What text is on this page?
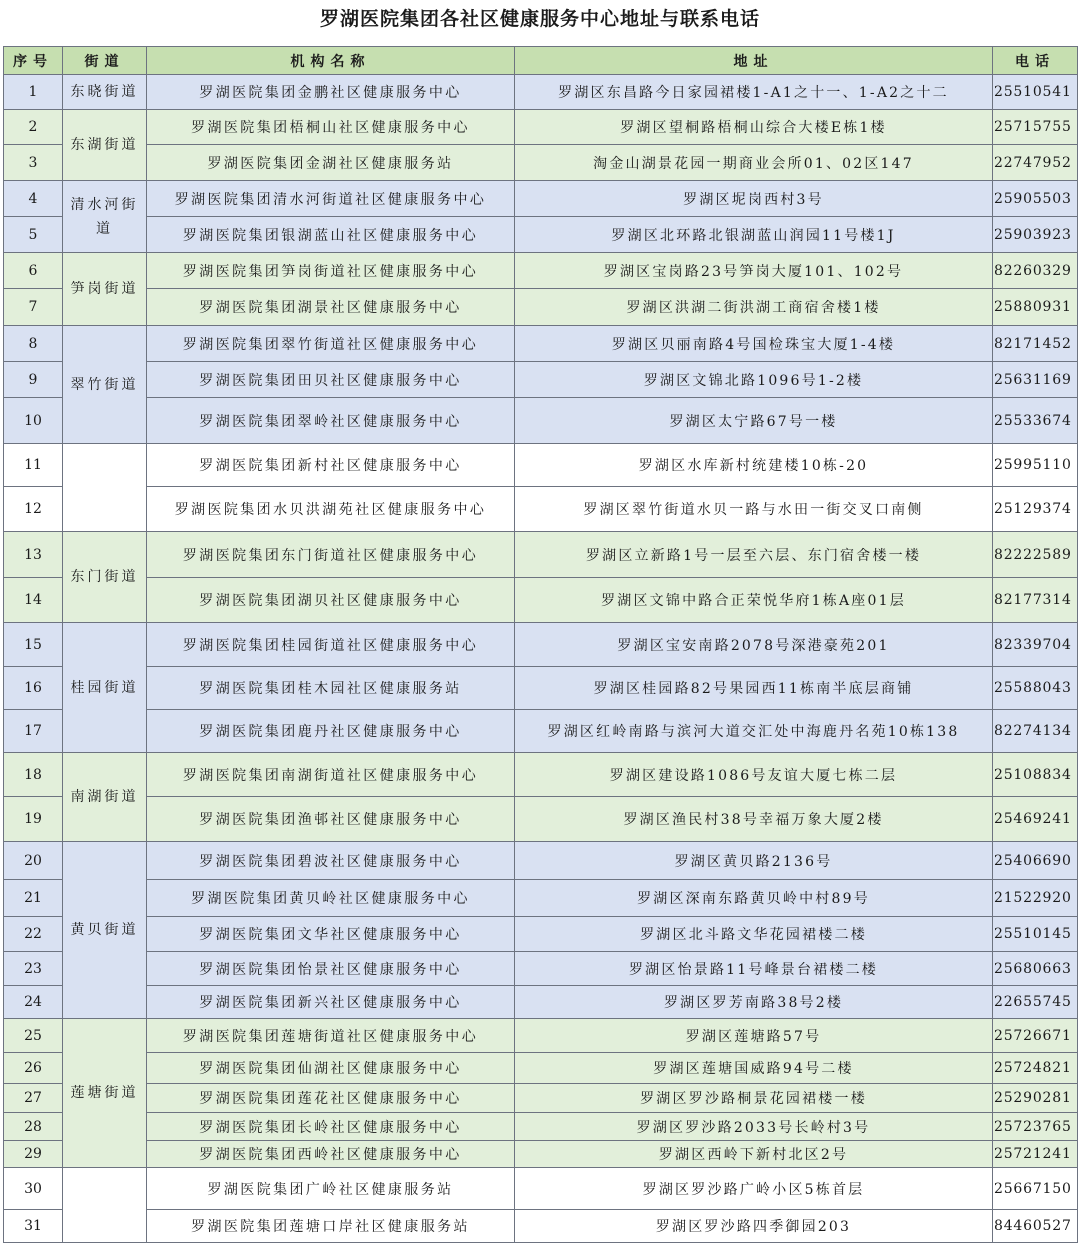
罗湖医院集团各社区健康服务中心地址与联系电话
序号	街道	机构名称	地址	电话
1	东晓街道	罗湖医院集团金鹏社区健康服务中心	罗湖区东昌路今日家园裙楼1-A1之十一、1-A2之十二	25510541
2	东湖街道	罗湖医院集团梧桐山社区健康服务中心	罗湖区望桐路梧桐山综合大楼E栋1楼	25715755
3		罗湖医院集团金湖社区健康服务站	淘金山湖景花园一期商业会所01、02区147	22747952
4	清水河街道	罗湖医院集团清水河街道社区健康服务中心	罗湖区坭岗西村3号	25905503
5		罗湖医院集团银湖蓝山社区健康服务中心	罗湖区北环路北银湖蓝山润园11号楼1J	25903923
6	笋岗街道	罗湖医院集团笋岗街道社区健康服务中心	罗湖区宝岗路23号笋岗大厦101、102号	82260329
7		罗湖医院集团湖景社区健康服务中心	罗湖区洪湖二街洪湖工商宿舍楼1楼	25880931
8	翠竹街道	罗湖医院集团翠竹街道社区健康服务中心	罗湖区贝丽南路4号国检珠宝大厦1-4楼	82171452
9		罗湖医院集团田贝社区健康服务中心	罗湖区文锦北路1096号1-2楼	25631169
10		罗湖医院集团翠岭社区健康服务中心	罗湖区太宁路67号一楼	25533674
11		罗湖医院集团新村社区健康服务中心	罗湖区水库新村统建楼10栋-20	25995110
12		罗湖医院集团水贝洪湖苑社区健康服务中心	罗湖区翠竹街道水贝一路与水田一街交叉口南侧	25129374
13	东门街道	罗湖医院集团东门街道社区健康服务中心	罗湖区立新路1号一层至六层、东门宿舍楼一楼	82222589
14		罗湖医院集团湖贝社区健康服务中心	罗湖区文锦中路合正荣悦华府1栋A座01层	82177314
15	桂园街道	罗湖医院集团桂园街道社区健康服务中心	罗湖区宝安南路2078号深港豪苑201	82339704
16		罗湖医院集团桂木园社区健康服务站	罗湖区桂园路82号果园西11栋南半底层商铺	25588043
17		罗湖医院集团鹿丹社区健康服务中心	罗湖区红岭南路与滨河大道交汇处中海鹿丹名苑10栋138	82274134
18	南湖街道	罗湖医院集团南湖街道社区健康服务中心	罗湖区建设路1086号友谊大厦七栋二层	25108834
19		罗湖医院集团渔邨社区健康服务中心	罗湖区渔民村38号幸福万象大厦2楼	25469241
20	黄贝街道	罗湖医院集团碧波社区健康服务中心	罗湖区黄贝路2136号	25406690
21		罗湖医院集团黄贝岭社区健康服务中心	罗湖区深南东路黄贝岭中村89号	21522920
22		罗湖医院集团文华社区健康服务中心	罗湖区北斗路文华花园裙楼二楼	25510145
23		罗湖医院集团怡景社区健康服务中心	罗湖区怡景路11号峰景台裙楼二楼	25680663
24		罗湖医院集团新兴社区健康服务中心	罗湖区罗芳南路38号2楼	22655745
25	莲塘街道	罗湖医院集团莲塘街道社区健康服务中心	罗湖区莲塘路57号	25726671
26		罗湖医院集团仙湖社区健康服务中心	罗湖区莲塘国威路94号二楼	25724821
27		罗湖医院集团莲花社区健康服务中心	罗湖区罗沙路桐景花园裙楼一楼	25290281
28		罗湖医院集团长岭社区健康服务中心	罗湖区罗沙路2033号长岭村3号	25723765
29		罗湖医院集团西岭社区健康服务中心	罗湖区西岭下新村北区2号	25721241
30		罗湖医院集团广岭社区健康服务站	罗湖区罗沙路广岭小区5栋首层	25667150
31		罗湖医院集团莲塘口岸社区健康服务站	罗湖区罗沙路四季御园203	84460527
